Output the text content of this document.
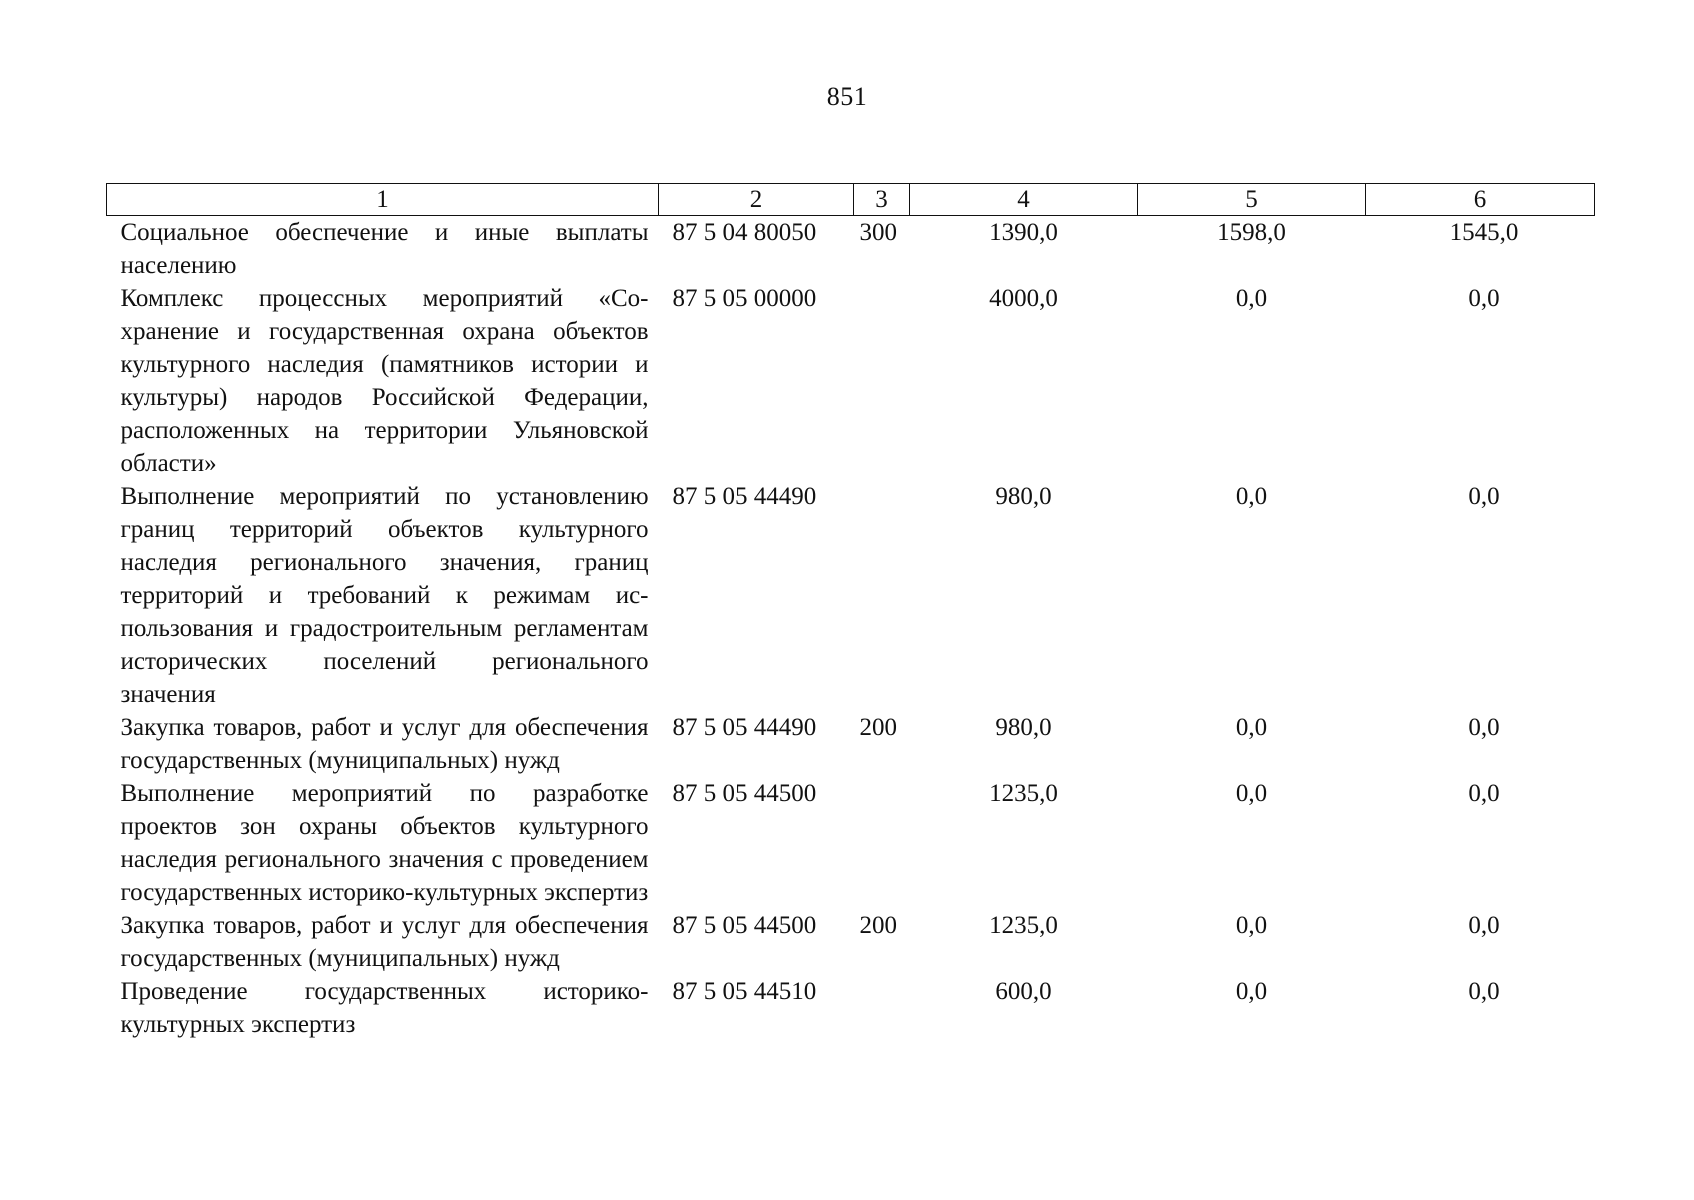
851
1	2	3	4	5	6
Социальное обеспечение и иные выплаты населению	87 5 04 80050	300	1390,0	1598,0	1545,0
Комплекс процессных мероприятий «Сохранение и государственная охрана объектов культурного наследия (памятников истории и культуры) народов Российской Федерации, расположенных на территории Ульяновской области»	87 5 05 00000		4000,0	0,0	0,0
Выполнение мероприятий по установлению границ территорий объектов культурного наследия регионального значения, границ территорий и требований к режимам использования и градостроительным регламентам исторических поселений регионального значения	87 5 05 44490		980,0	0,0	0,0
Закупка товаров, работ и услуг для обеспечения государственных (муниципальных) нужд	87 5 05 44490	200	980,0	0,0	0,0
Выполнение мероприятий по разработке проектов зон охраны объектов культурного наследия регионального значения с проведением государственных историко-культурных экспертиз	87 5 05 44500		1235,0	0,0	0,0
Закупка товаров, работ и услуг для обеспечения государственных (муниципальных) нужд	87 5 05 44500	200	1235,0	0,0	0,0
Проведение государственных историко-культурных экспертиз	87 5 05 44510		600,0	0,0	0,0
